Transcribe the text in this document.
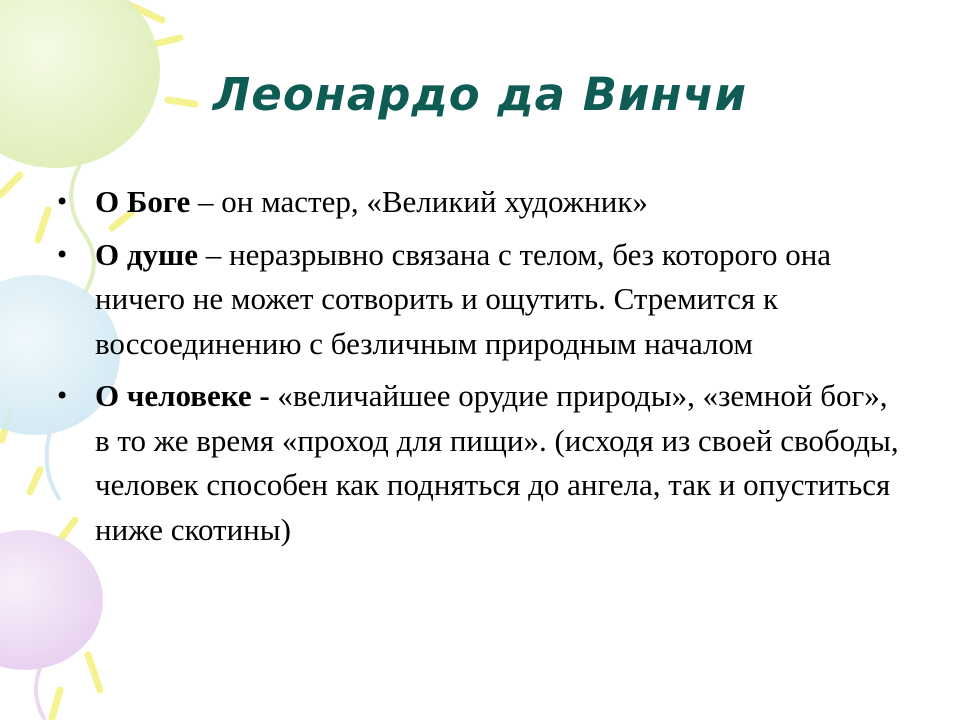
Леонардо да Винчи
• О Боге – он мастер, «Великий художник»
• О душе – неразрывно связана с телом, без которого она ничего не может сотворить и ощутить. Стремится к воссоединению с безличным природным началом
• О человеке - «величайшее орудие природы», «земной бог», в то же время «проход для пищи». (исходя из своей свободы, человек способен как подняться до ангела, так и опуститься ниже скотины)
